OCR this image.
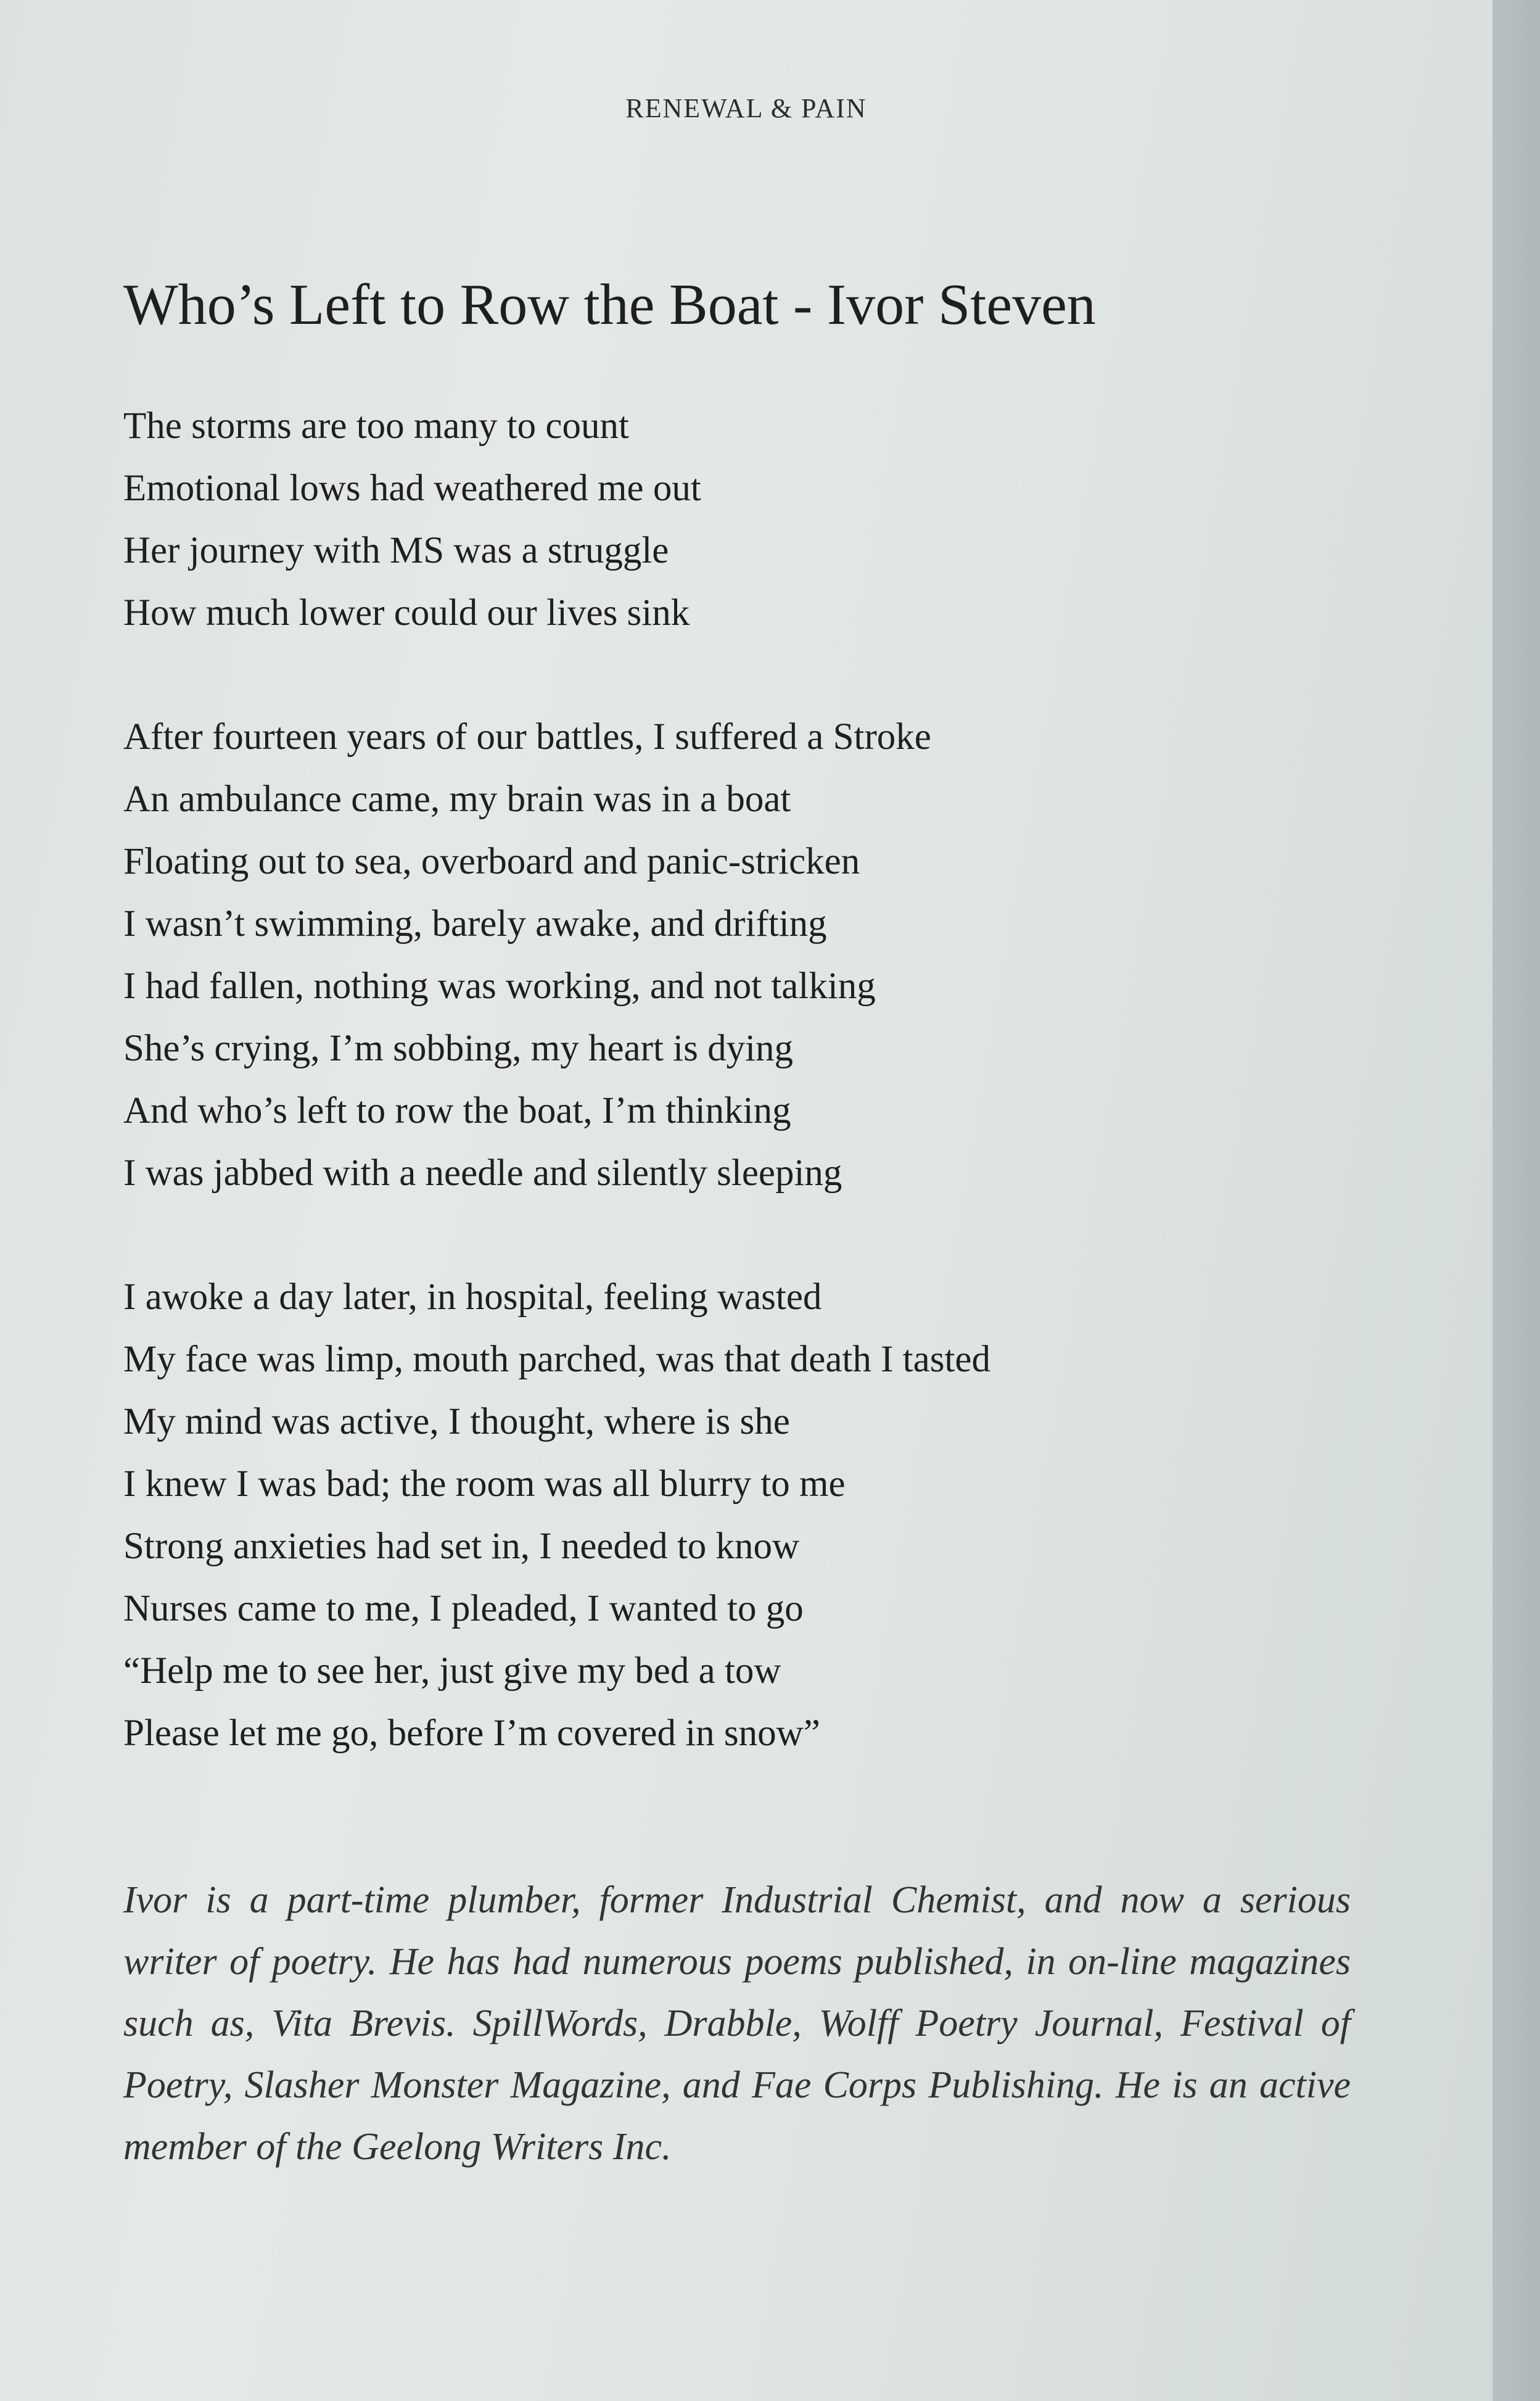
RENEWAL & PAIN
Who’s Left to Row the Boat - Ivor Steven
The storms are too many to count
Emotional lows had weathered me out
Her journey with MS was a struggle
How much lower could our lives sink
After fourteen years of our battles, I suffered a Stroke
An ambulance came, my brain was in a boat
Floating out to sea, overboard and panic-stricken
I wasn’t swimming, barely awake, and drifting
I had fallen, nothing was working, and not talking
She’s crying, I’m sobbing, my heart is dying
And who’s left to row the boat, I’m thinking
I was jabbed with a needle and silently sleeping
I awoke a day later, in hospital, feeling wasted
My face was limp, mouth parched, was that death I tasted
My mind was active, I thought, where is she
I knew I was bad; the room was all blurry to me
Strong anxieties had set in, I needed to know
Nurses came to me, I pleaded, I wanted to go
“Help me to see her, just give my bed a tow
Please let me go, before I’m covered in snow”

Ivor is a part-time plumber, former Industrial Chemist, and now a serious writer of poetry. He has had numerous poems published, in on-line magazines such as, Vita Brevis. SpillWords, Drabble, Wolff Poetry Journal, Festival of Poetry, Slasher Monster Magazine, and Fae Corps Publishing. He is an active member of the Geelong Writers Inc.
